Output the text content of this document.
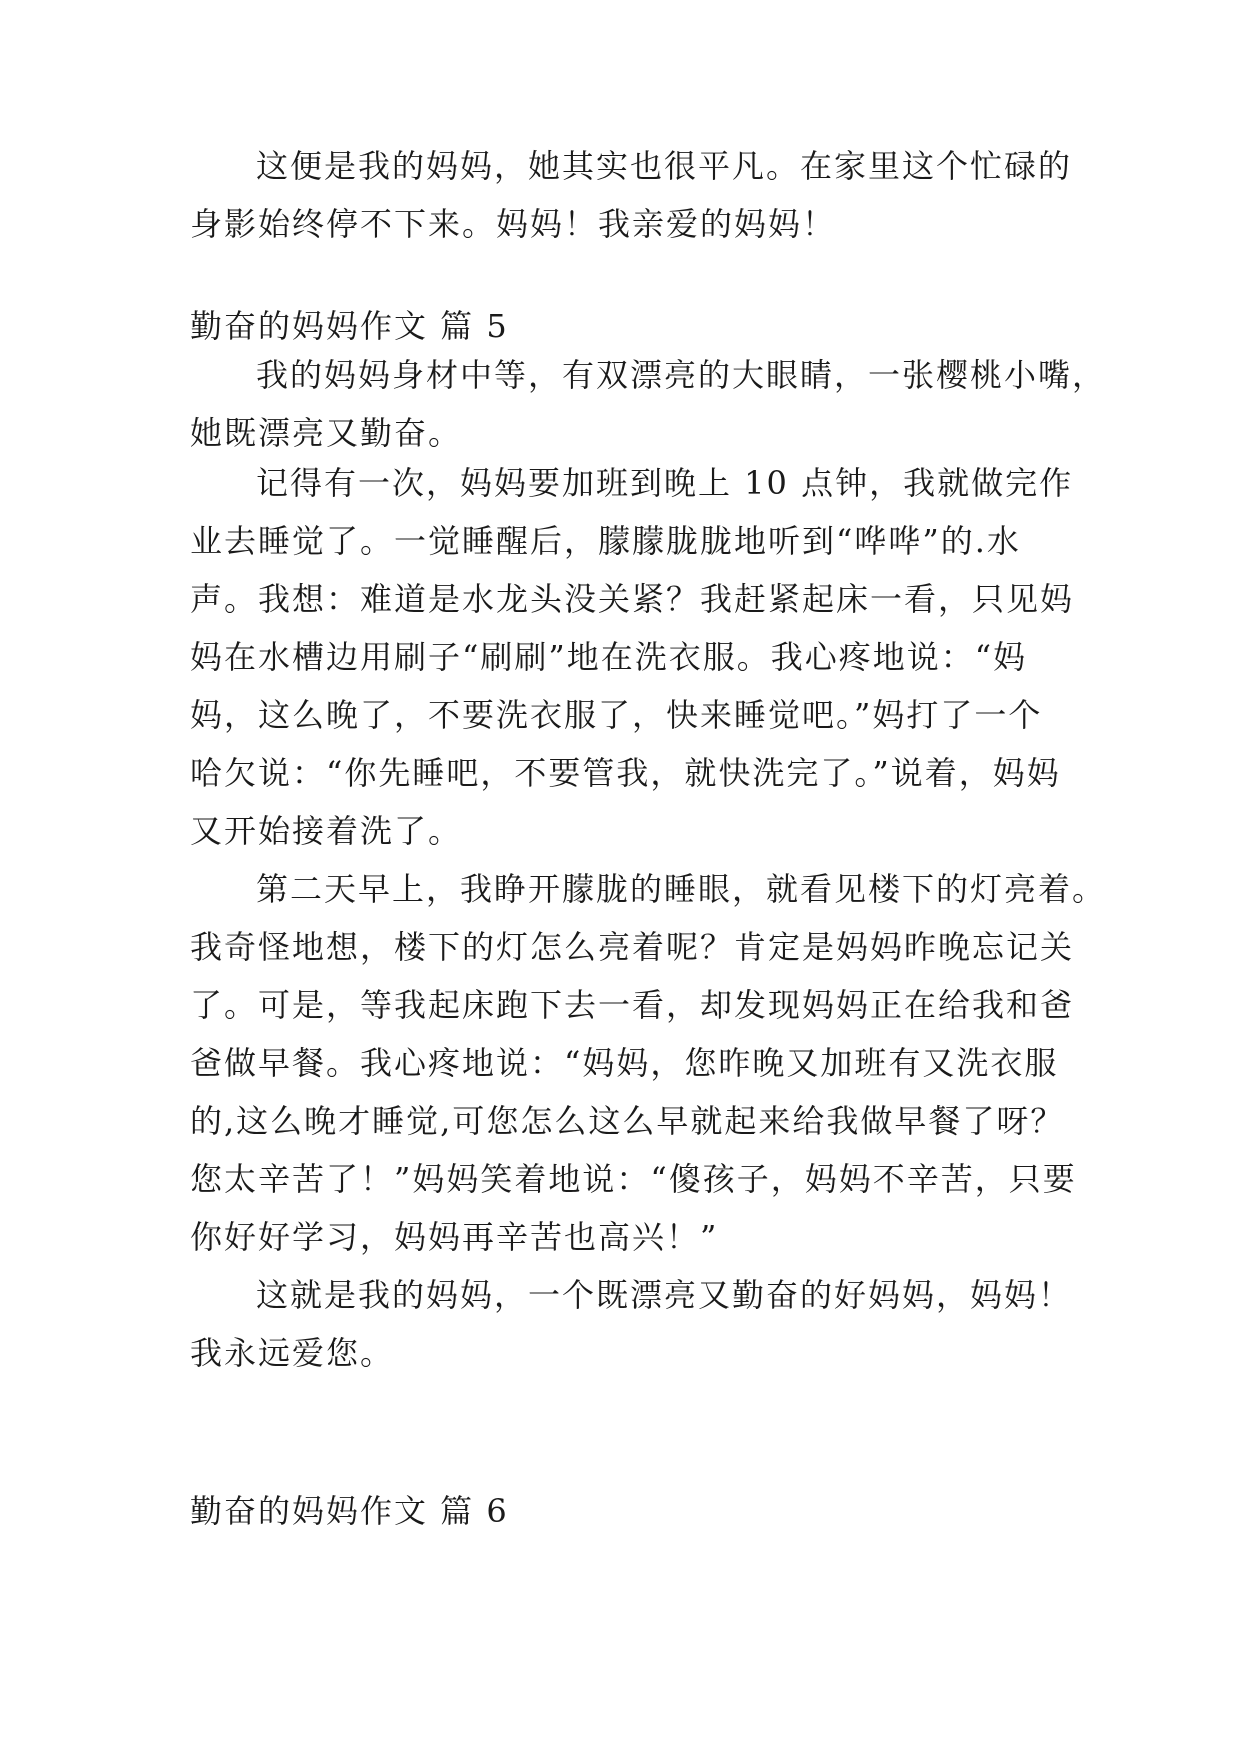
这便是我的妈妈，她其实也很平凡。在家里这个忙碌的
身影始终停不下来。妈妈！我亲爱的妈妈！

勤奋的妈妈作文 篇 5

我的妈妈身材中等，有双漂亮的大眼睛，一张樱桃小嘴，
她既漂亮又勤奋。

记得有一次，妈妈要加班到晚上 10 点钟，我就做完作
业去睡觉了。一觉睡醒后，朦朦胧胧地听到“哗哗”的.水
声。我想：难道是水龙头没关紧？我赶紧起床一看，只见妈
妈在水槽边用刷子“刷刷”地在洗衣服。我心疼地说：“妈
妈，这么晚了，不要洗衣服了，快来睡觉吧。”妈打了一个
哈欠说：“你先睡吧，不要管我，就快洗完了。”说着，妈妈
又开始接着洗了。

第二天早上，我睁开朦胧的睡眼，就看见楼下的灯亮着。
我奇怪地想，楼下的灯怎么亮着呢？肯定是妈妈昨晚忘记关
了。可是，等我起床跑下去一看，却发现妈妈正在给我和爸
爸做早餐。我心疼地说：“妈妈，您昨晚又加班有又洗衣服
的,这么晚才睡觉,可您怎么这么早就起来给我做早餐了呀？
您太辛苦了！”妈妈笑着地说：“傻孩子，妈妈不辛苦，只要
你好好学习，妈妈再辛苦也高兴！”

这就是我的妈妈，一个既漂亮又勤奋的好妈妈，妈妈！
我永远爱您。

勤奋的妈妈作文 篇 6
